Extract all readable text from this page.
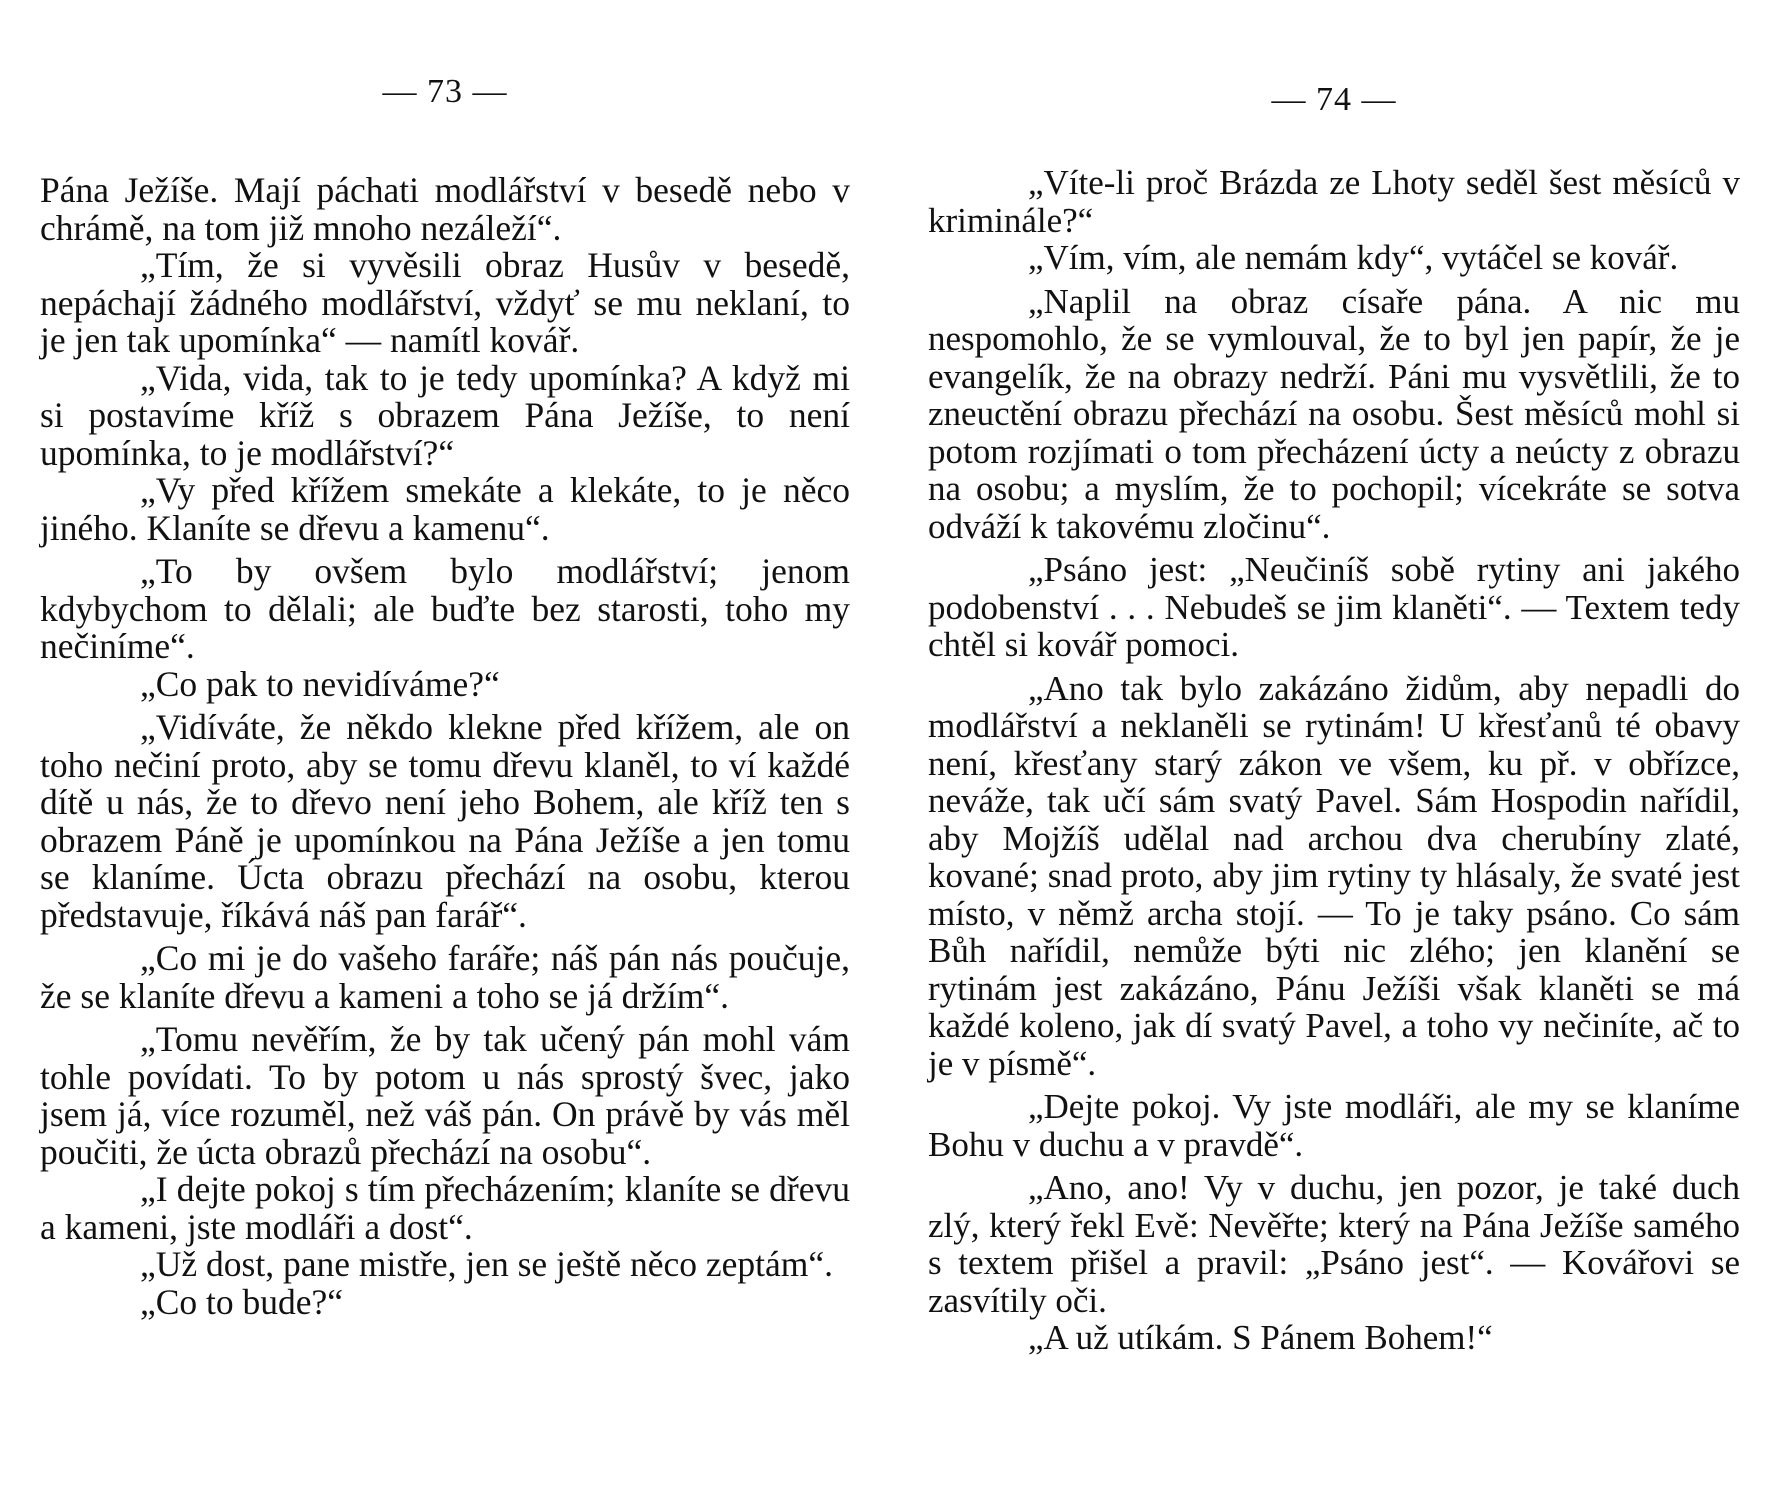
— 73 —

Pána Ježíše. Mají páchati modlářství v besedě nebo v chrámě, na tom již mnoho nezáleží“.

„Tím, že si vyvěsili obraz Husův v besedě, nepáchají žádného modlářství, vždyť se mu neklaní, to je jen tak upomínka“ — namítl kovář.

„Vida, vida, tak to je tedy upomínka? A když mi si postavíme kříž s obrazem Pána Ježíše, to není upomínka, to je modlářství?“

„Vy před křížem smekáte a klekáte, to je něco jiného. Klaníte se dřevu a kamenu“.

„To by ovšem bylo modlářství; jenom kdybychom to dělali; ale buďte bez starosti, toho my nečiníme“.

„Co pak to nevidíváme?“

„Vidíváte, že někdo klekne před křížem, ale on toho nečiní proto, aby se tomu dřevu klaněl, to ví každé dítě u nás, že to dřevo není jeho Bohem, ale kříž ten s obrazem Páně je upomínkou na Pána Ježíše a jen tomu se klaníme. Úcta obrazu přechází na osobu, kterou představuje, říkává náš pan farář“.

„Co mi je do vašeho faráře; náš pán nás poučuje, že se klaníte dřevu a kameni a toho se já držím“.

„Tomu nevěřím, že by tak učený pán mohl vám tohle povídati. To by potom u nás sprostý švec, jako jsem já, více rozuměl, než váš pán. On právě by vás měl poučiti, že úcta obrazů přechází na osobu“.

„I dejte pokoj s tím přecházením; klaníte se dřevu a kameni, jste modláři a dost“.

„Už dost, pane mistře, jen se ještě něco zeptám“.

„Co to bude?“

— 74 —

„Víte-li proč Brázda ze Lhoty seděl šest měsíců v kriminále?“

„Vím, vím, ale nemám kdy“, vytáčel se kovář.

„Naplil na obraz císaře pána. A nic mu nespomohlo, že se vymlouval, že to byl jen papír, že je evangelík, že na obrazy nedrží. Páni mu vysvětlili, že to zneuctění obrazu přechází na osobu. Šest měsíců mohl si potom rozjímati o tom přecházení úcty a neúcty z obrazu na osobu; a myslím, že to pochopil; vícekráte se sotva odváží k takovému zločinu“.

„Psáno jest: „Neučiníš sobě rytiny ani jakého podobenství . . . Nebudeš se jim klaněti“. — Textem tedy chtěl si kovář pomoci.

„Ano tak bylo zakázáno židům, aby nepadli do modlářství a neklaněli se rytinám! U křesťanů té obavy není, křesťany starý zákon ve všem, ku př. v obřízce, neváže, tak učí sám svatý Pavel. Sám Hospodin nařídil, aby Mojžíš udělal nad archou dva cherubíny zlaté, kované; snad proto, aby jim rytiny ty hlásaly, že svaté jest místo, v němž archa stojí. — To je taky psáno. Co sám Bůh nařídil, nemůže býti nic zlého; jen klanění se rytinám jest zakázáno, Pánu Ježíši však klaněti se má každé koleno, jak dí svatý Pavel, a toho vy nečiníte, ač to je v písmě“.

„Dejte pokoj. Vy jste modláři, ale my se klaníme Bohu v duchu a v pravdě“.

„Ano, ano! Vy v duchu, jen pozor, je také duch zlý, který řekl Evě: Nevěřte; který na Pána Ježíše samého s textem přišel a pravil: „Psáno jest“. — Kovářovi se zasvítily oči.

„A už utíkám. S Pánem Bohem!“
